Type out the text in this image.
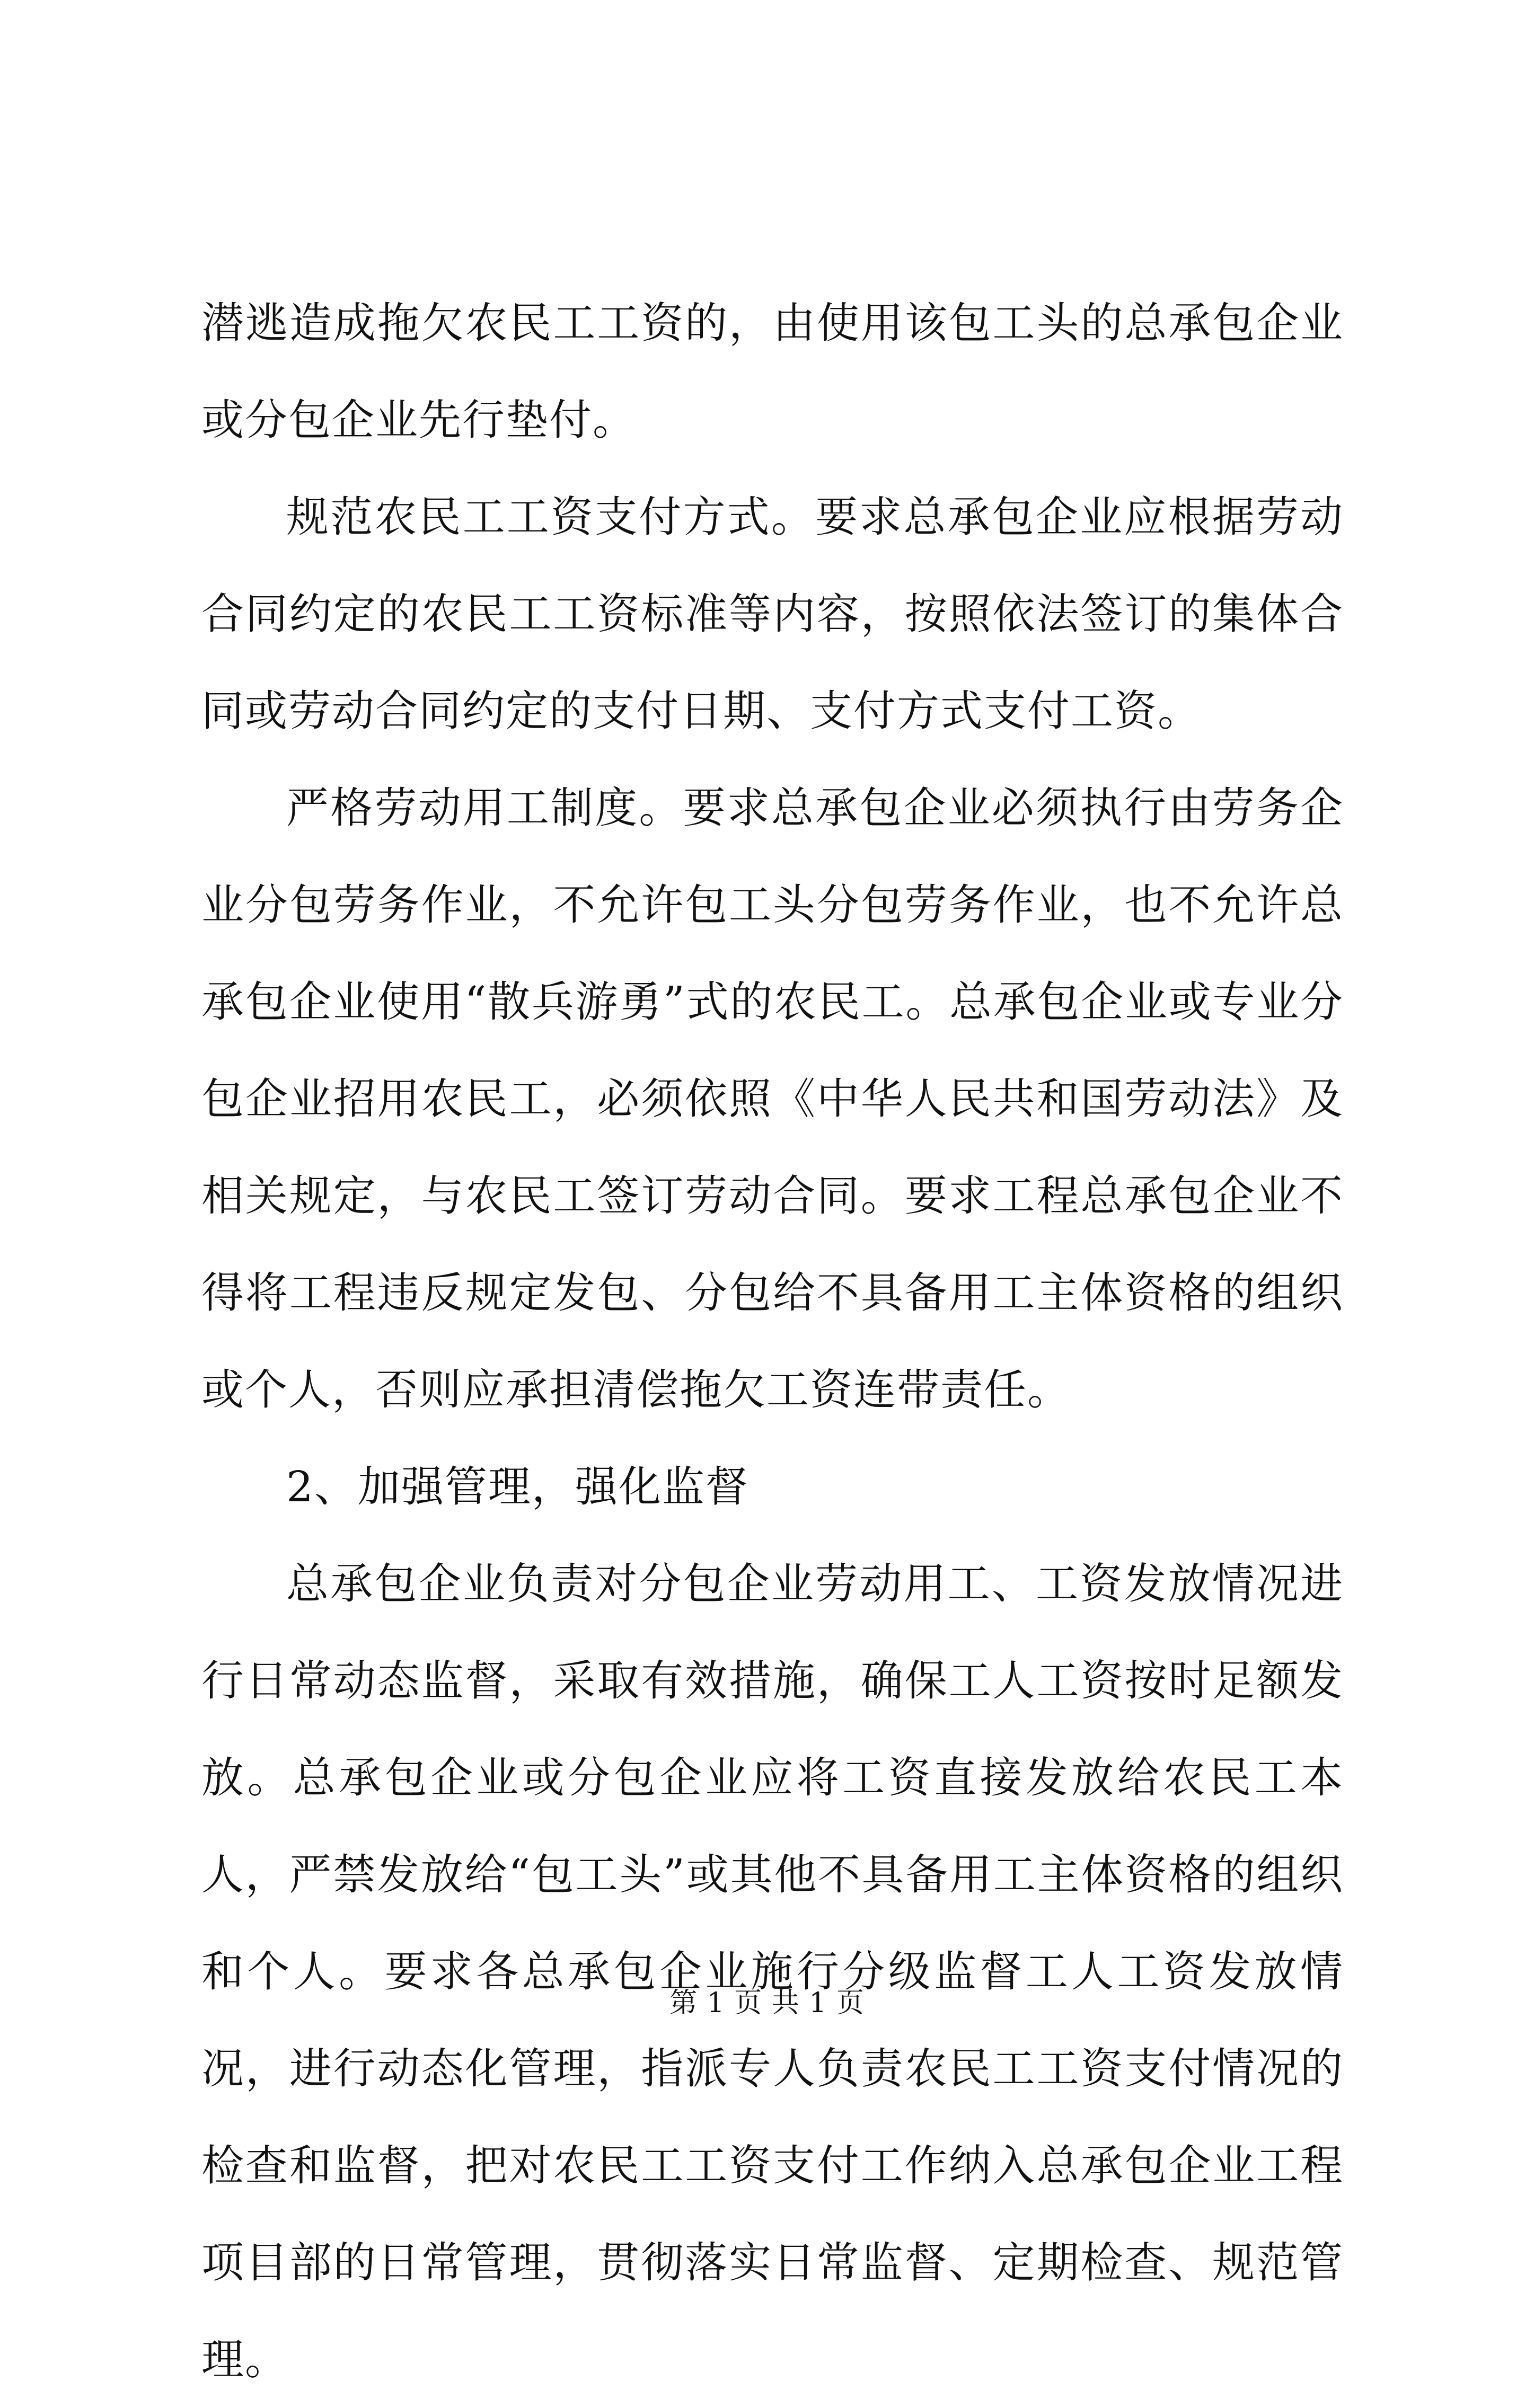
潜逃造成拖欠农民工工资的，由使用该包工头的总承包企业或分包企业先行垫付。

规范农民工工资支付方式。要求总承包企业应根据劳动合同约定的农民工工资标准等内容，按照依法签订的集体合同或劳动合同约定的支付日期、支付方式支付工资。

严格劳动用工制度。要求总承包企业必须执行由劳务企业分包劳务作业，不允许包工头分包劳务作业，也不允许总承包企业使用“散兵游勇”式的农民工。总承包企业或专业分包企业招用农民工，必须依照《中华人民共和国劳动法》及相关规定，与农民工签订劳动合同。要求工程总承包企业不得将工程违反规定发包、分包给不具备用工主体资格的组织或个人，否则应承担清偿拖欠工资连带责任。

2、加强管理，强化监督

总承包企业负责对分包企业劳动用工、工资发放情况进行日常动态监督，采取有效措施，确保工人工资按时足额发放。总承包企业或分包企业应将工资直接发放给农民工本人，严禁发放给“包工头”或其他不具备用工主体资格的组织和个人。要求各总承包企业施行分级监督工人工资发放情况，进行动态化管理，指派专人负责农民工工资支付情况的检查和监督，把对农民工工资支付工作纳入总承包企业工程项目部的日常管理，贯彻落实日常监督、定期检查、规范管理。

第 1 页 共 1 页
